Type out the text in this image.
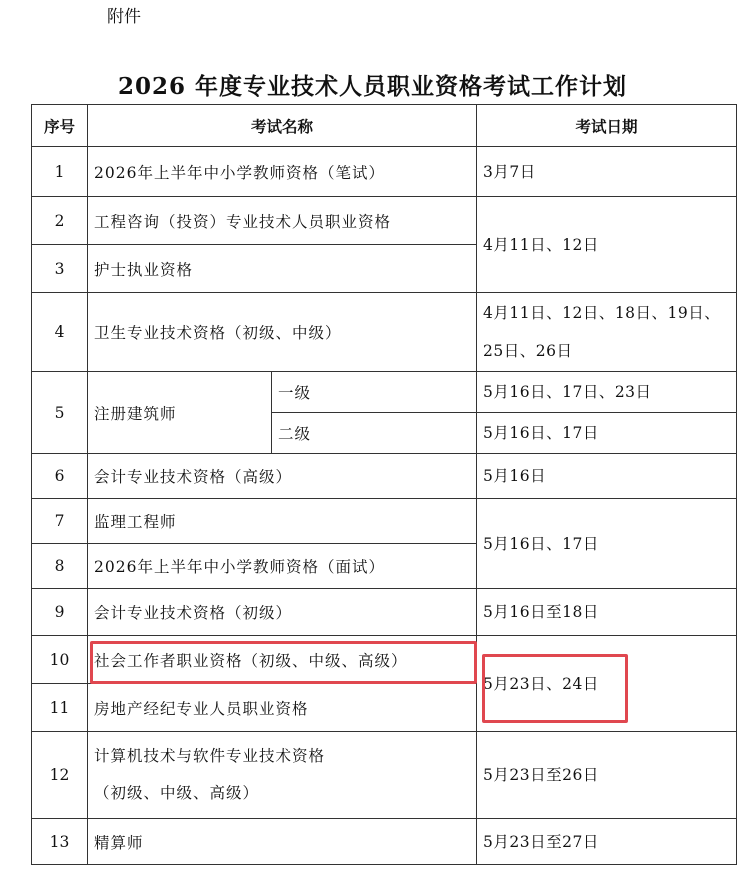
附件
2026 年度专业技术人员职业资格考试工作计划
序号	考试名称		考试日期
1	2026年上半年中小学教师资格（笔试）		3月7日
2	工程咨询（投资）专业技术人员职业资格		4月11日、12日
3	护士执业资格		
4	卫生专业技术资格（初级、中级）		4月11日、12日、18日、19日、25日、26日
5	注册建筑师	一级	5月16日、17日、23日
		二级	5月16日、17日
6	会计专业技术资格（高级）		5月16日
7	监理工程师		5月16日、17日
8	2026年上半年中小学教师资格（面试）		
9	会计专业技术资格（初级）		5月16日至18日
10	社会工作者职业资格（初级、中级、高级）		5月23日、24日
11	房地产经纪专业人员职业资格		
12	计算机技术与软件专业技术资格
（初级、中级、高级）		5月23日至26日
13	精算师		5月23日至27日
